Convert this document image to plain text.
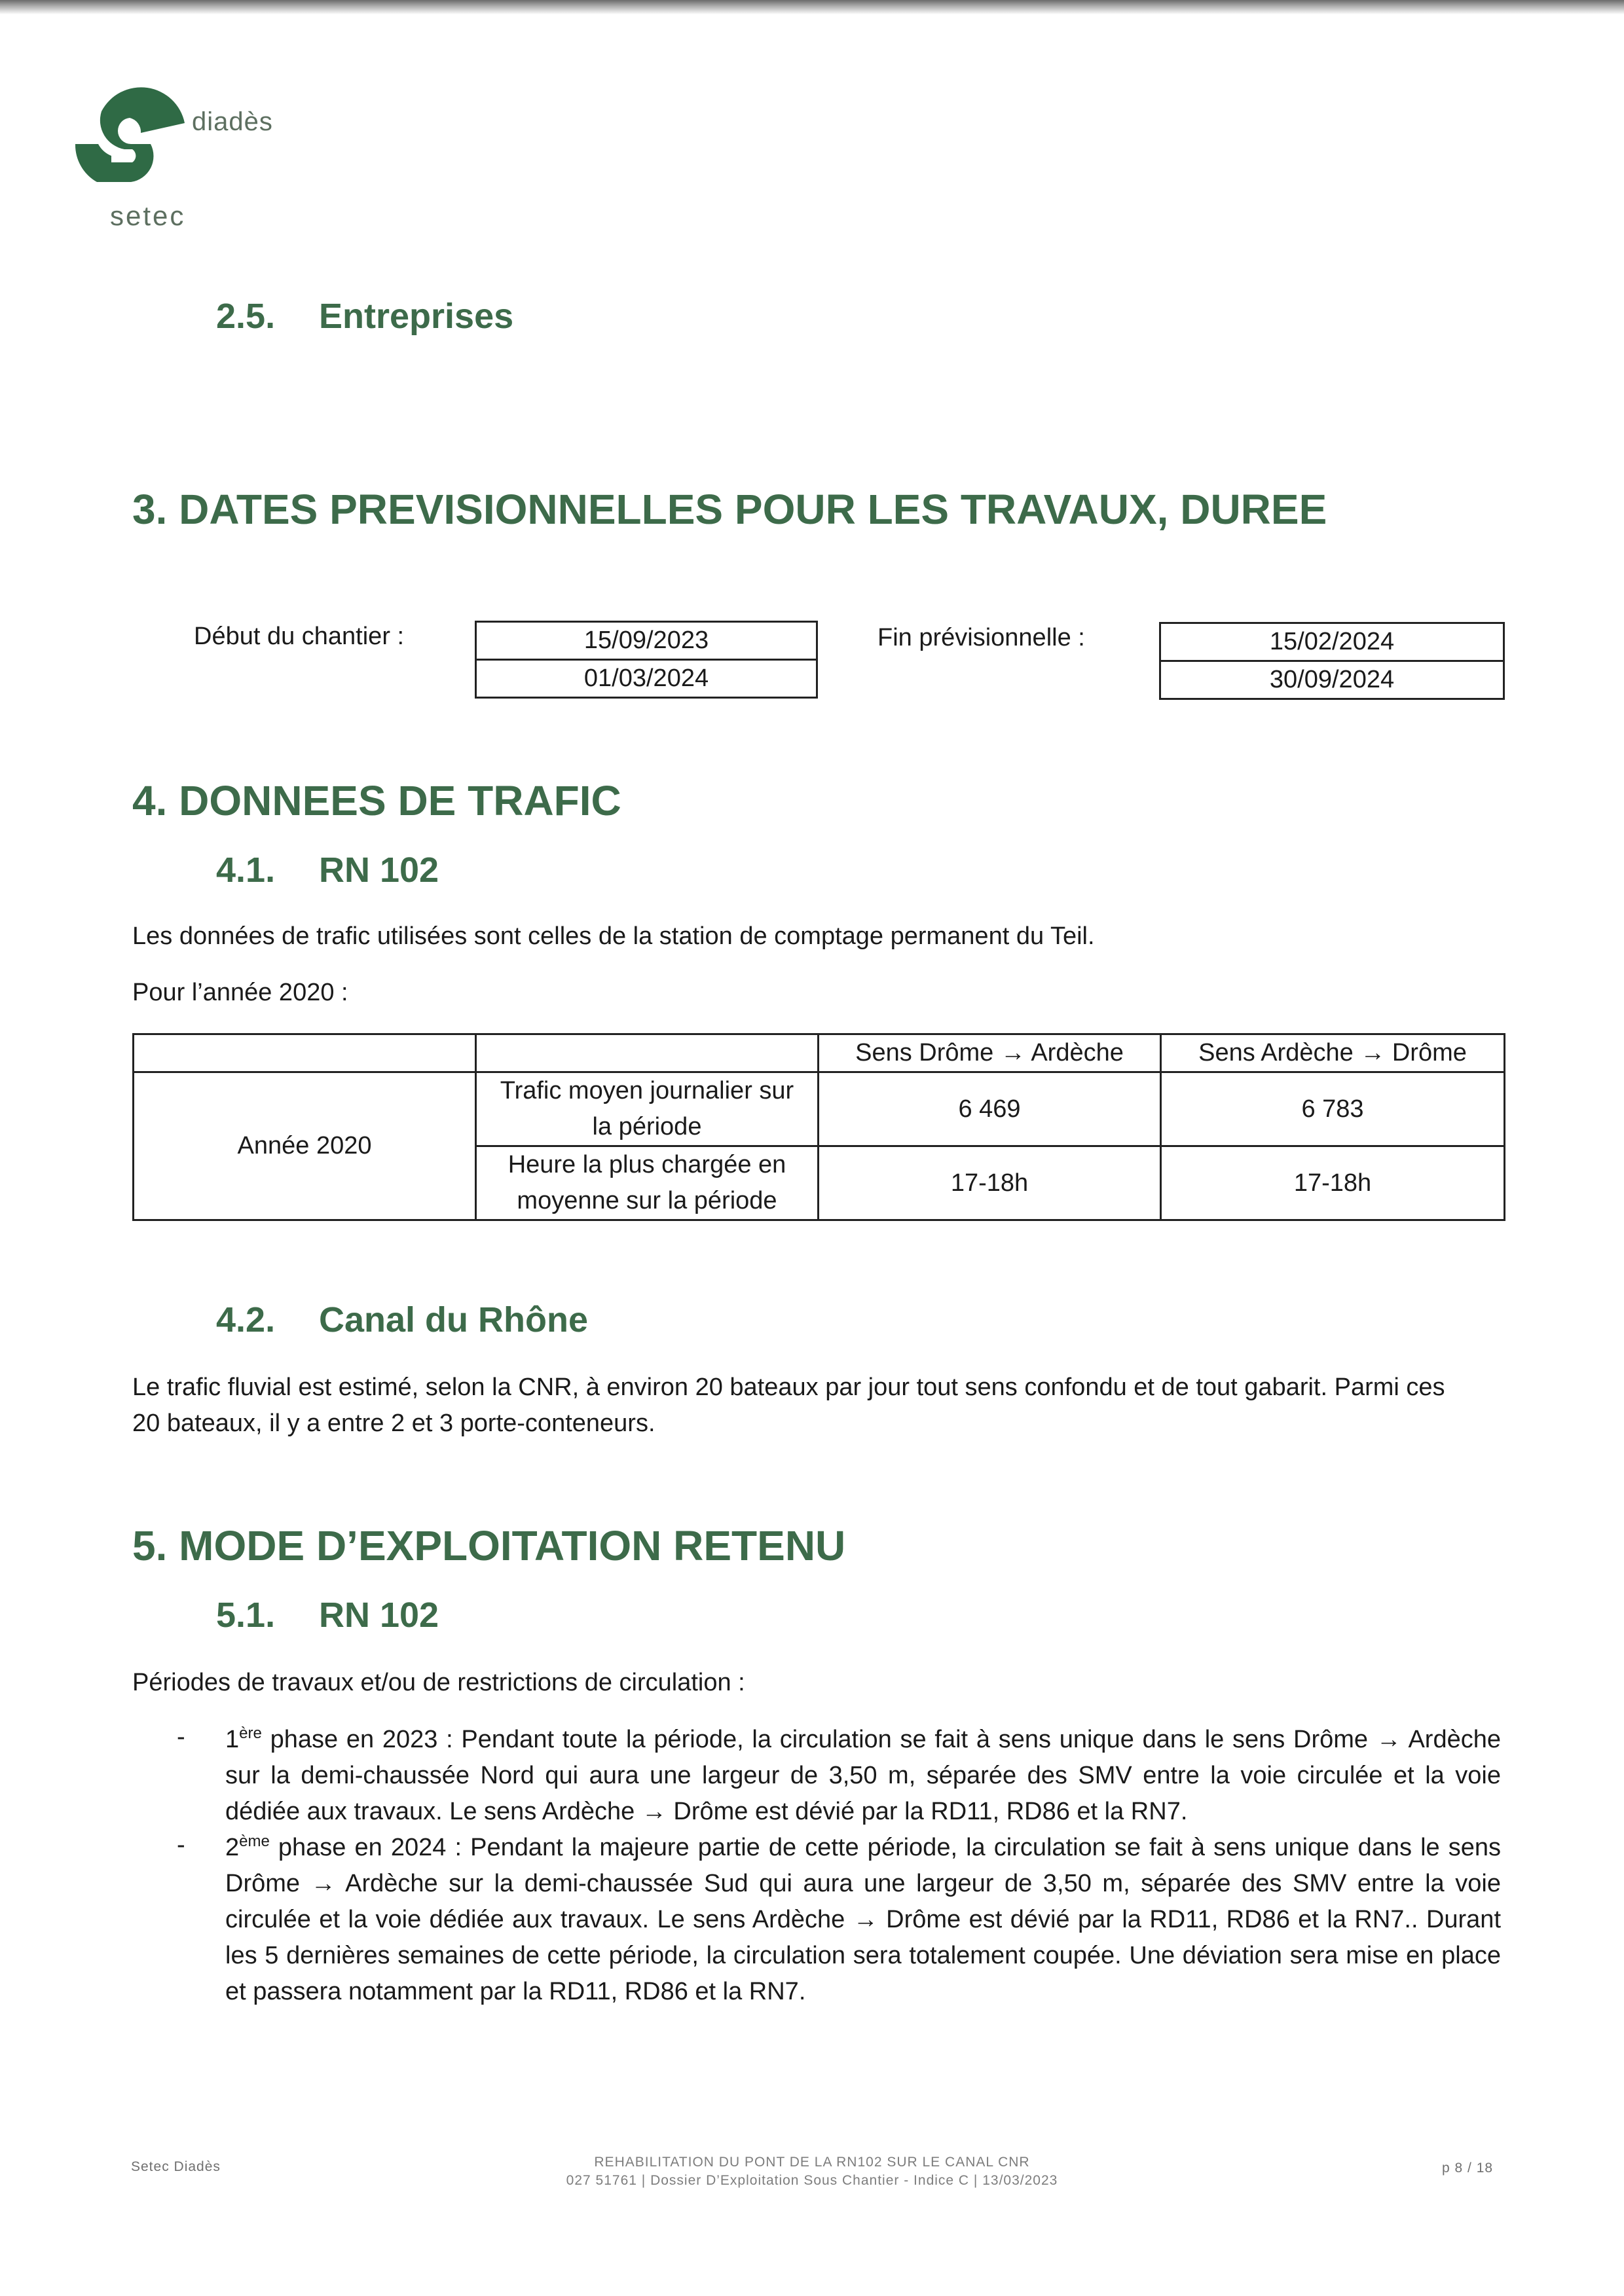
diadès
setec
2.5. Entreprises
3. DATES PREVISIONNELLES POUR LES TRAVAUX, DUREE
Début du chantier :	15/09/2023
01/03/2024
Fin prévisionnelle :	15/02/2024
30/09/2024
4. DONNEES DE TRAFIC
4.1. RN 102
Les données de trafic utilisées sont celles de la station de comptage permanent du Teil.
Pour l’année 2020 :
		Sens Drôme → Ardèche	Sens Ardèche → Drôme
Année 2020	Trafic moyen journalier sur la période	6 469	6 783
	Heure la plus chargée en moyenne sur la période	17-18h	17-18h
4.2. Canal du Rhône
Le trafic fluvial est estimé, selon la CNR, à environ 20 bateaux par jour tout sens confondu et de tout gabarit. Parmi ces
20 bateaux, il y a entre 2 et 3 porte-conteneurs.
5. MODE D’EXPLOITATION RETENU
5.1. RN 102
Périodes de travaux et/ou de restrictions de circulation :
- 1ère phase en 2023 : Pendant toute la période, la circulation se fait à sens unique dans le sens Drôme → Ardèche sur la demi-chaussée Nord qui aura une largeur de 3,50 m, séparée des SMV entre la voie circulée et la voie dédiée aux travaux. Le sens Ardèche → Drôme est dévié par la RD11, RD86 et la RN7.
- 2ème phase en 2024 : Pendant la majeure partie de cette période, la circulation se fait à sens unique dans le sens Drôme → Ardèche sur la demi-chaussée Sud qui aura une largeur de 3,50 m, séparée des SMV entre la voie circulée et la voie dédiée aux travaux. Le sens Ardèche → Drôme est dévié par la RD11, RD86 et la RN7.. Durant les 5 dernières semaines de cette période, la circulation sera totalement coupée. Une déviation sera mise en place et passera notamment par la RD11, RD86 et la RN7.
Setec Diadès	REHABILITATION DU PONT DE LA RN102 SUR LE CANAL CNR
027 51761 | Dossier D’Exploitation Sous Chantier - Indice C | 13/03/2023
p 8 / 18
